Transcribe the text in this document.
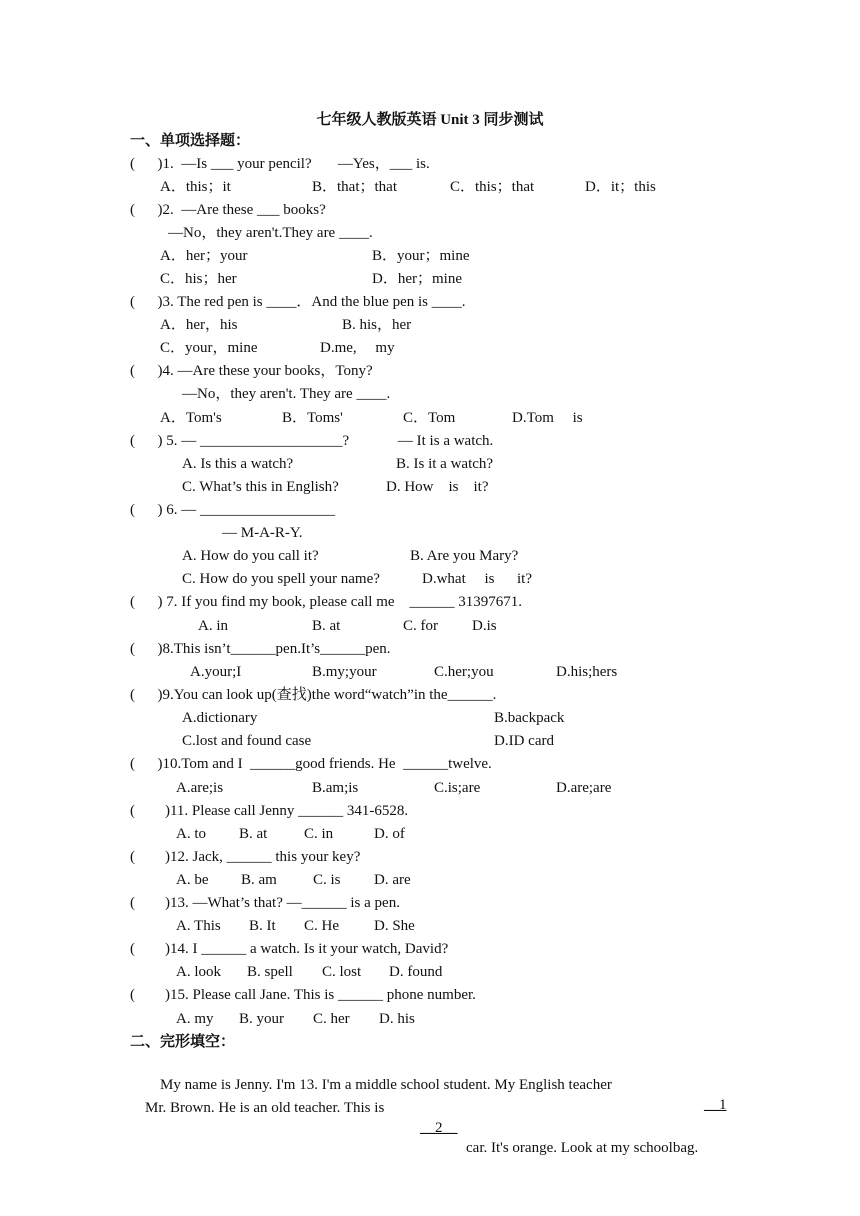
七年级人教版英语 Unit 3 同步测试
一、单项选择题：
(      )1.  —Is ___ your pencil?       —Yes，___ is.
A．this；it	B．that；that	C．this；that	D．it；this
(      )2.  —Are these ___ books?
—No，they aren't.They are ____.
A．her；your	B．your；mine
C．his；her	D．her；mine
(      )3. The red pen is ____．And the blue pen is ____.
A．her，his	B. his，her
C．your，mine	D.me,     my
(      )4. —Are these your books，Tony?
—No，they aren't. They are ____.
A．Tom's	B．Toms'	C．Tom	D.Tom     is
(      ) 5. — ___________________?             — It is a watch.
A. Is this a watch?	B. Is it a watch?
C. What’s this in English?	D. How    is    it?
(      ) 6. — __________________
— M-A-R-Y.
A. How do you call it?	B. Are you Mary?
C. How do you spell your name?	D.what     is      it?
(      ) 7. If you find my book, please call me    ______ 31397671.
A. in	B. at	C. for D.is
(      )8.This isn’t______pen.It’s______pen.
A.your;I	B.my;your	C.her;you	D.his;hers
(      )9.You can look up(查找)the word“watch”in the______.
A.dictionary	B.backpack
C.lost and found case	D.ID card
(      )10.Tom and I  ______good friends. He  ______twelve.
A.are;is	B.am;is	C.is;are	D.are;are
(        )11. Please call Jenny ______ 341-6528.
A. to B. at C. in	D. of
(        )12. Jack, ______ this your key?
A. be B. am C. is D. are
(        )13. —What’s that? —______ is a pen.
A. This B. It C. He D. She
(        )14. I ______ a watch. Is it your watch, David?
A. look B. spell C. lost D. found
(        )15. Please call Jane. This is ______ phone number.
A. my B. your C. her D. his
二、完形填空：

My name is Jenny. I'm 13. I'm a middle school student. My English teacher

__1

Mr. Brown. He is an old teacher. This is

__2__

car. It's orange. Look at my schoolbag.
